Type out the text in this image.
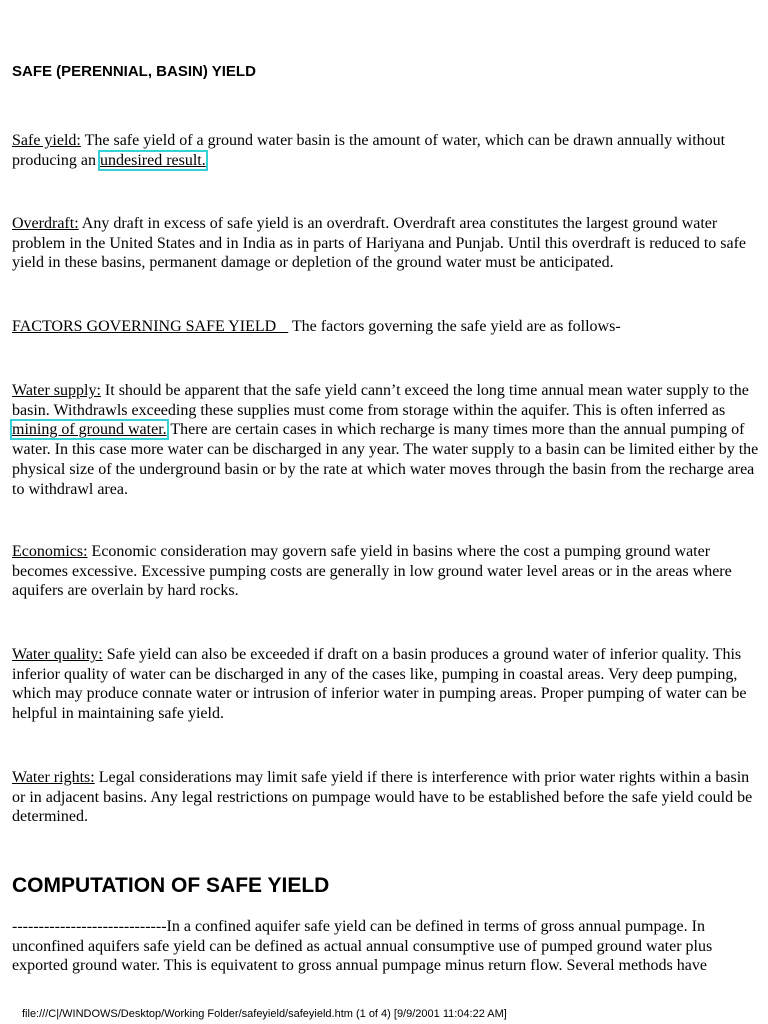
SAFE (PERENNIAL, BASIN) YIELD
Safe yield: The safe yield of a ground water basin is the amount of water, which can be drawn annually without producing an undesired result.
Overdraft: Any draft in excess of safe yield is an overdraft. Overdraft area constitutes the largest ground water problem in the United States and in India as in parts of Hariyana and Punjab. Until this overdraft is reduced to safe yield in these basins, permanent damage or depletion of the ground water must be anticipated.
FACTORS GOVERNING SAFE YIELD    The factors governing the safe yield are as follows-
Water supply: It should be apparent that the safe yield cann’t exceed the long time annual mean water supply to the basin. Withdrawls exceeding these supplies must come from storage within the aquifer. This is often inferred as mining of ground water. There are certain cases in which recharge is many times more than the annual pumping of water. In this case more water can be discharged in any year. The water supply to a basin can be limited either by the physical size of the underground basin or by the rate at which water moves through the basin from the recharge area to withdrawl area.
Economics: Economic consideration may govern safe yield in basins where the cost a pumping ground water becomes excessive. Excessive pumping costs are generally in low ground water level areas or in the areas where aquifers are overlain by hard rocks.
Water quality: Safe yield can also be exceeded if draft on a basin produces a ground water of inferior quality. This inferior quality of water can be discharged in any of the cases like, pumping in coastal areas. Very deep pumping, which may produce connate water or intrusion of inferior water in pumping areas. Proper pumping of water can be helpful in maintaining safe yield.
Water rights: Legal considerations may limit safe yield if there is interference with prior water rights within a basin or in adjacent basins. Any legal restrictions on pumpage would have to be established before the safe yield could be determined.
COMPUTATION OF SAFE YIELD
-----------------------------In a confined aquifer safe yield can be defined in terms of gross annual pumpage. In unconfined aquifers safe yield can be defined as actual annual consumptive use of pumped ground water plus exported ground water. This is equivatent to gross annual pumpage minus return flow. Several methods have
file:///C|/WINDOWS/Desktop/Working Folder/safeyield/safeyield.htm (1 of 4) [9/9/2001 11:04:22 AM]
